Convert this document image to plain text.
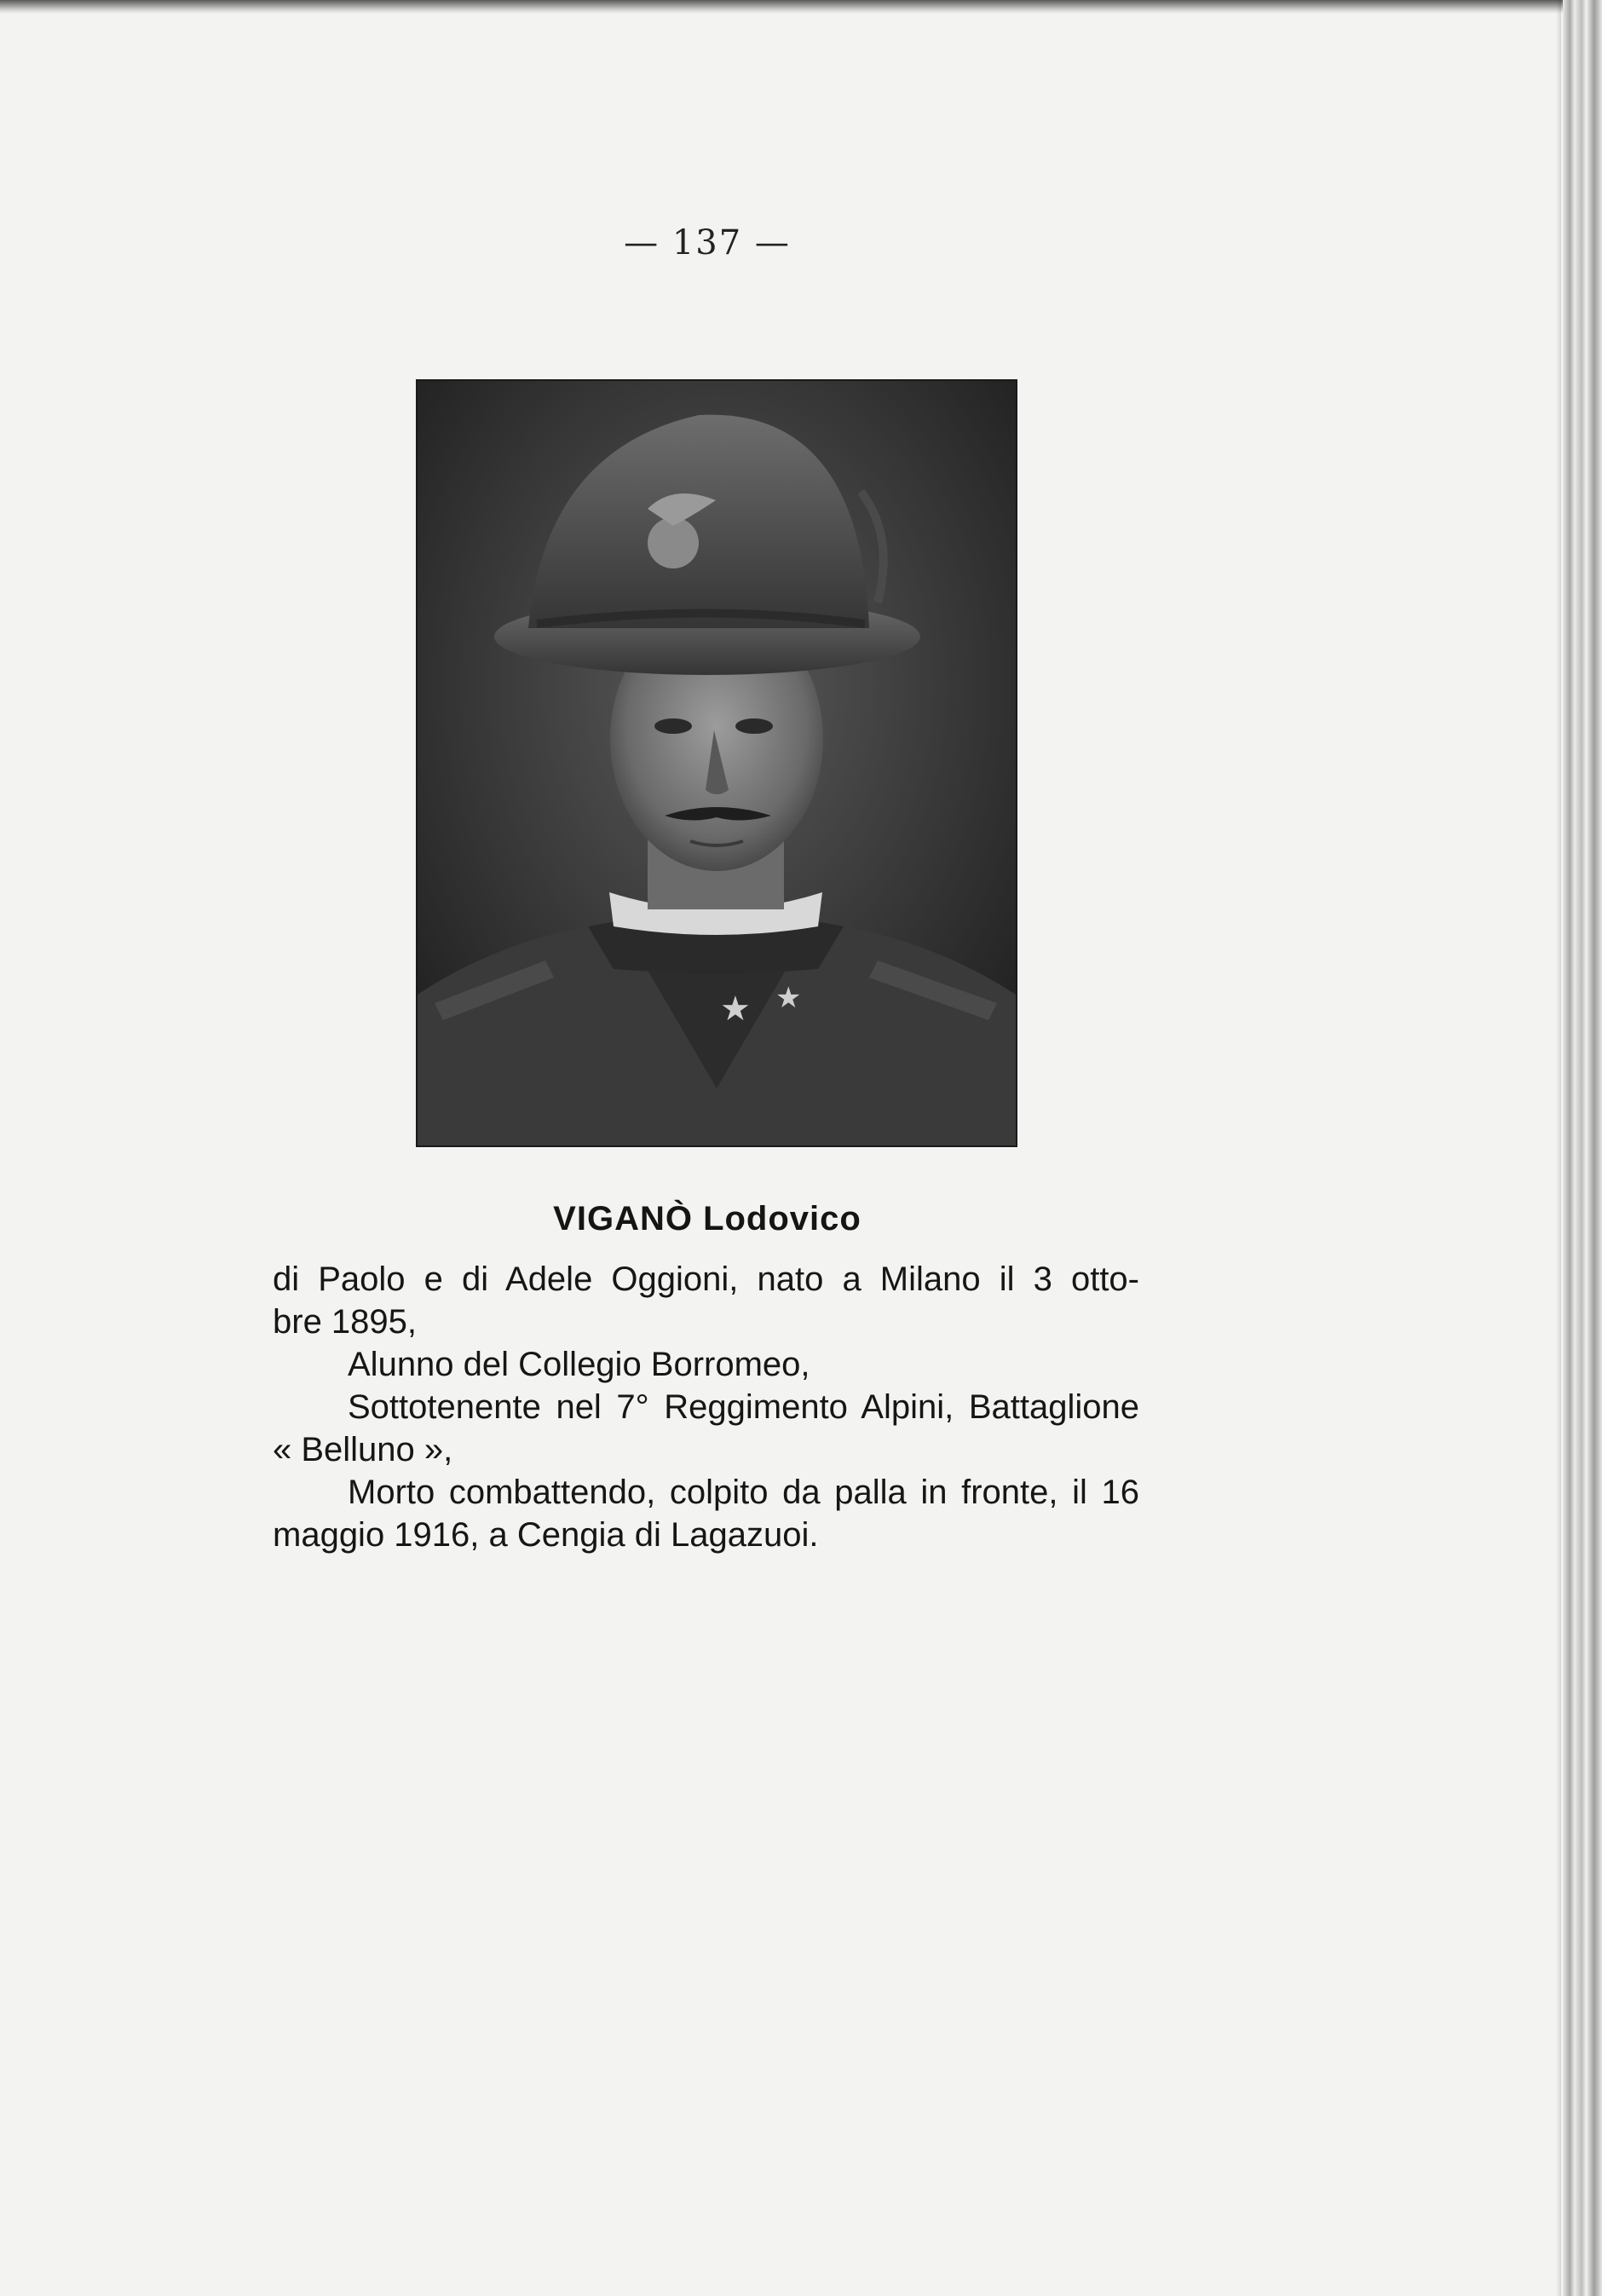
— 137 —
★ ★
VIGANÒ Lodovico

di Paolo e di Adele Oggioni, nato a Milano il 3 otto-
bre 1895,

Alunno del Collegio Borromeo,

Sottotenente nel 7° Reggimento Alpini, Battaglione

« Belluno »,

Morto combattendo, colpito da palla in fronte, il 16

maggio 1916, a Cengia di Lagazuoi.
